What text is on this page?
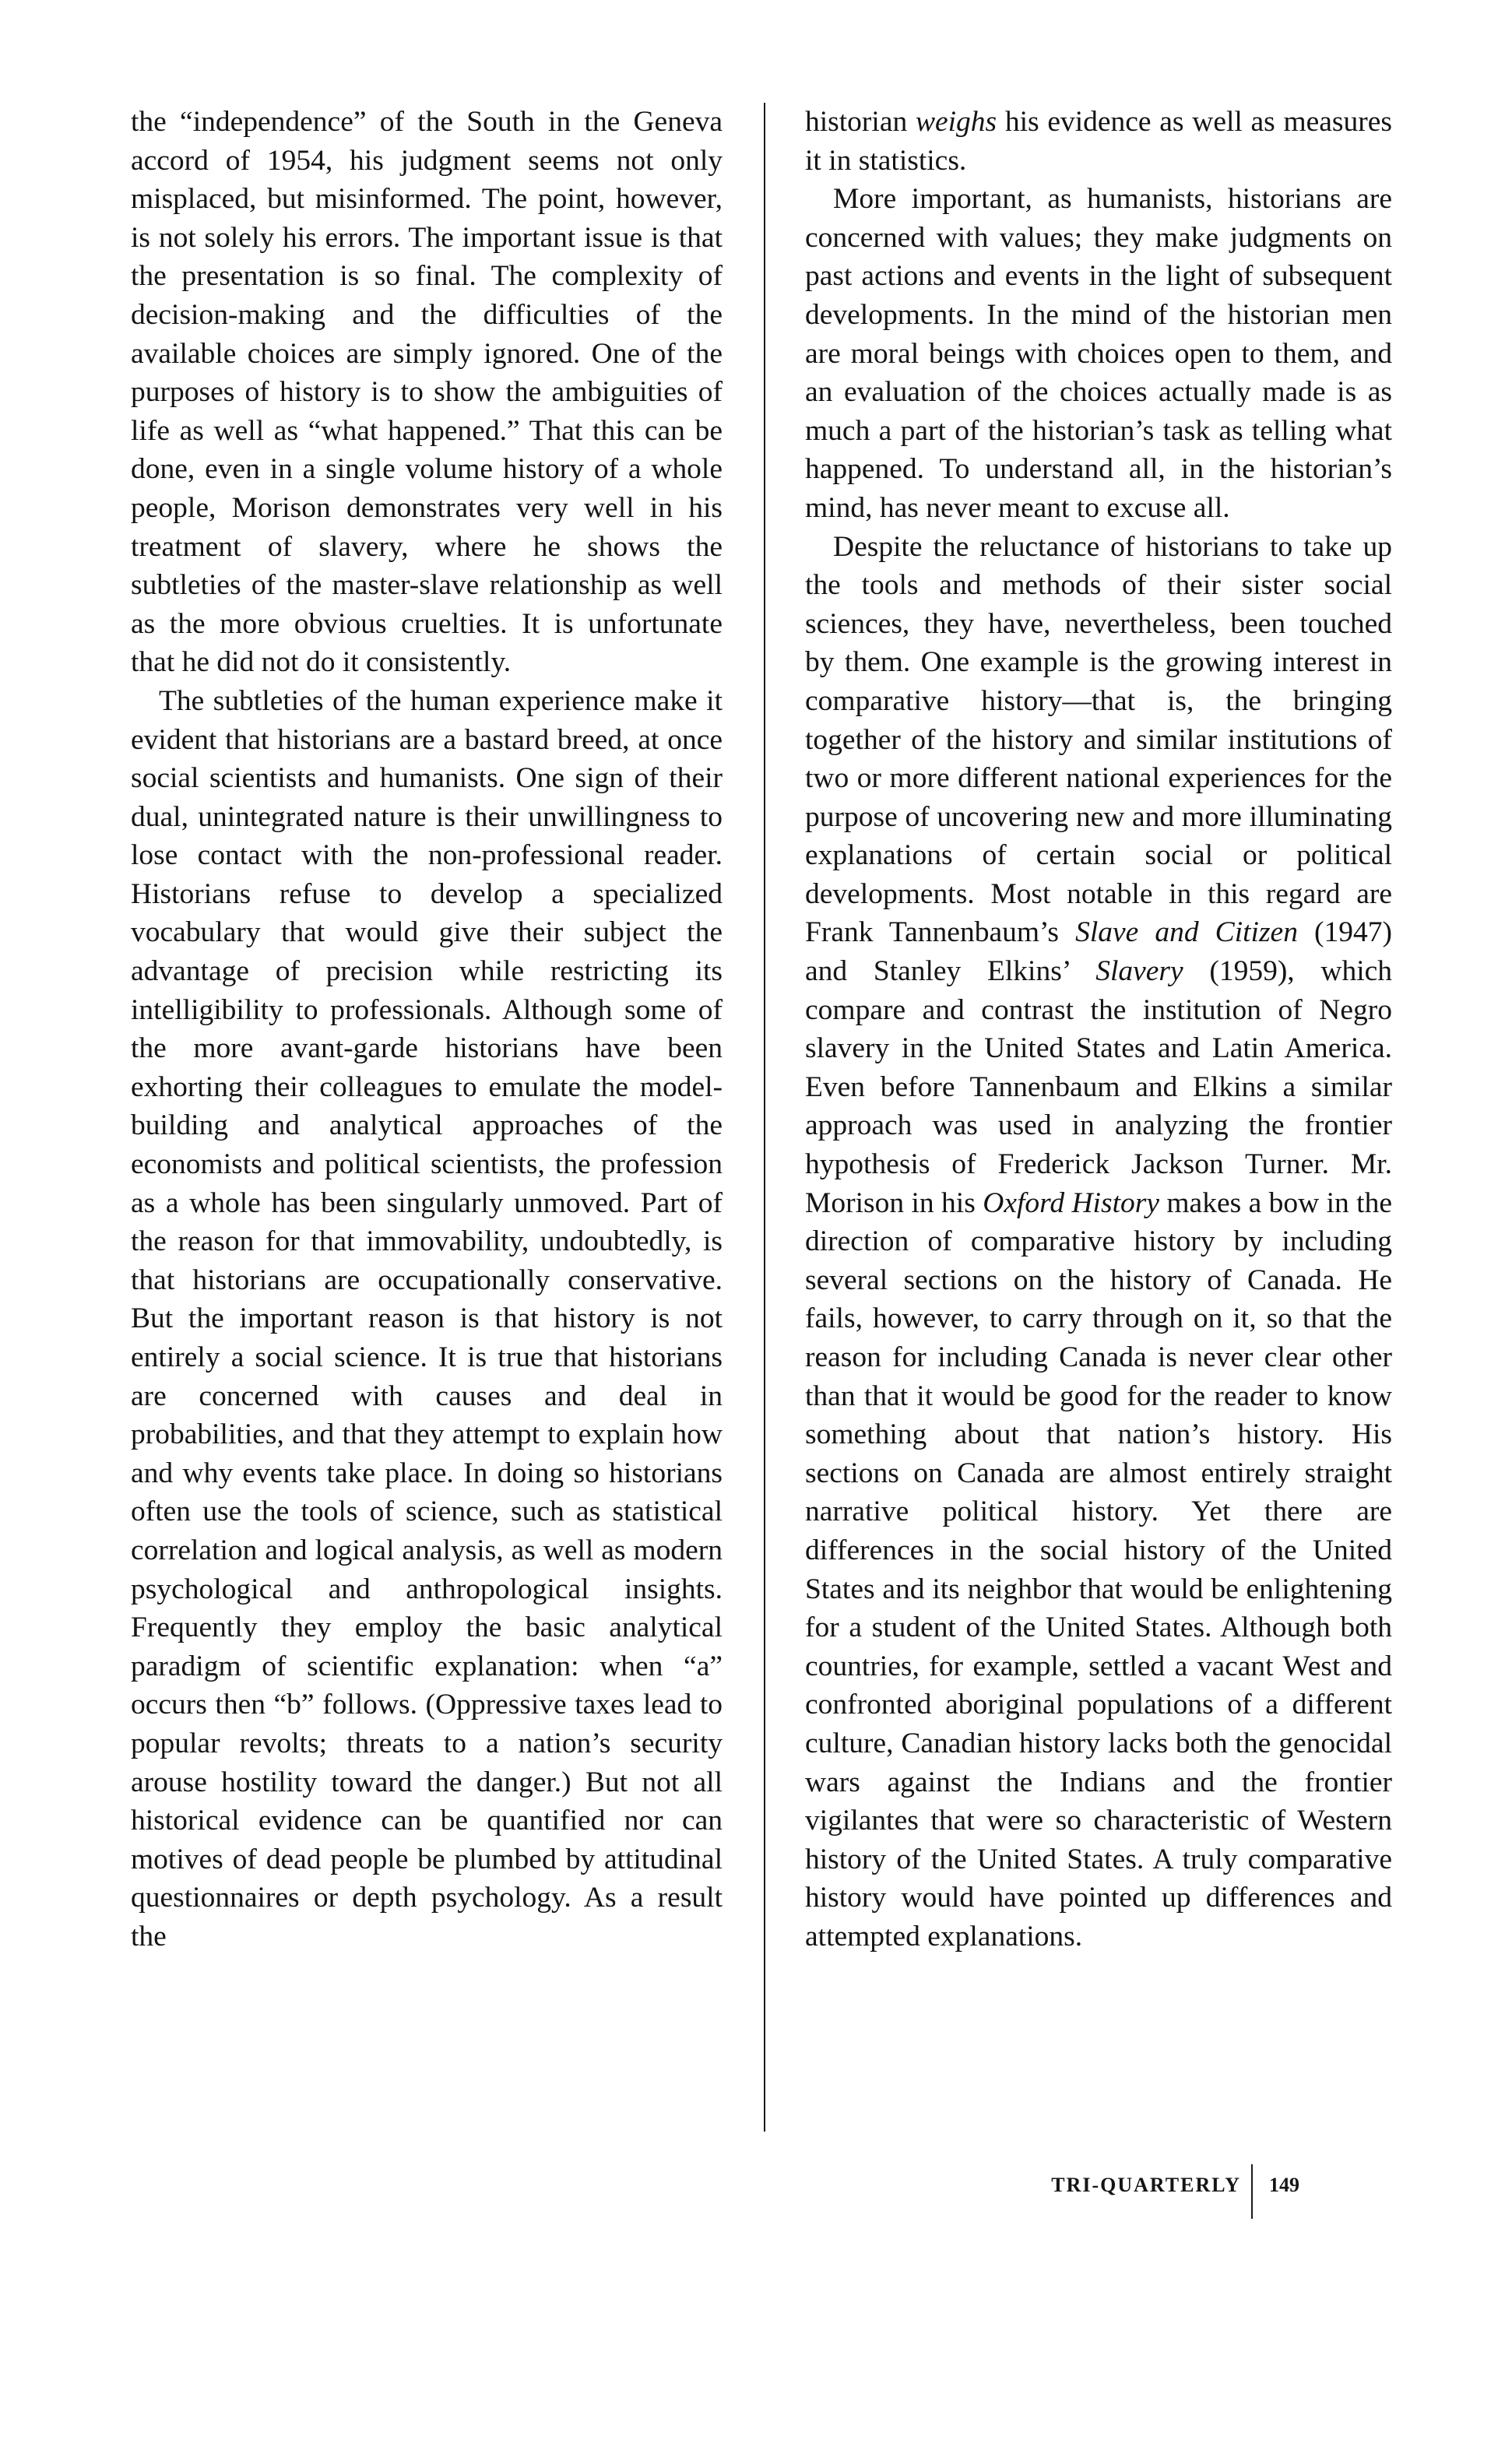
the “independence” of the South in the Geneva accord of 1954, his judgment seems not only misplaced, but misinformed. The point, however, is not solely his errors. The important issue is that the presentation is so final. The complexity of decision-making and the difficulties of the available choices are simply ignored. One of the purposes of history is to show the ambiguities of life as well as “what happened.” That this can be done, even in a single volume history of a whole people, Morison demonstrates very well in his treatment of slavery, where he shows the subtleties of the master-slave relationship as well as the more obvious cruelties. It is unfortunate that he did not do it consistently.

The subtleties of the human experience make it evident that historians are a bastard breed, at once social scientists and humanists. One sign of their dual, unintegrated nature is their unwillingness to lose contact with the non-professional reader. Historians refuse to develop a specialized vocabulary that would give their subject the advantage of precision while restricting its intelligibility to professionals. Although some of the more avant-garde historians have been exhorting their colleagues to emulate the model-building and analytical approaches of the economists and political scientists, the profession as a whole has been singularly unmoved. Part of the reason for that immovability, undoubtedly, is that historians are occupationally conservative. But the important reason is that history is not entirely a social science. It is true that historians are concerned with causes and deal in probabilities, and that they attempt to explain how and why events take place. In doing so historians often use the tools of science, such as statistical correlation and logical analysis, as well as modern psychological and anthropological insights. Frequently they employ the basic analytical paradigm of scientific explanation: when “a” occurs then “b” follows. (Oppressive taxes lead to popular revolts; threats to a nation’s security arouse hostility toward the danger.) But not all historical evidence can be quantified nor can motives of dead people be plumbed by attitudinal questionnaires or depth psychology. As a result the

historian weighs his evidence as well as measures it in statistics.

More important, as humanists, historians are concerned with values; they make judgments on past actions and events in the light of subsequent developments. In the mind of the historian men are moral beings with choices open to them, and an evaluation of the choices actually made is as much a part of the historian’s task as telling what happened. To understand all, in the historian’s mind, has never meant to excuse all.

Despite the reluctance of historians to take up the tools and methods of their sister social sciences, they have, nevertheless, been touched by them. One example is the growing interest in comparative history—that is, the bringing together of the history and similar institutions of two or more different national experiences for the purpose of uncovering new and more illuminating explanations of certain social or political developments. Most notable in this regard are Frank Tannenbaum’s Slave and Citizen (1947) and Stanley Elkins’ Slavery (1959), which compare and contrast the institution of Negro slavery in the United States and Latin America. Even before Tannenbaum and Elkins a similar approach was used in analyzing the frontier hypothesis of Frederick Jackson Turner. Mr. Morison in his Oxford History makes a bow in the direction of comparative history by including several sections on the history of Canada. He fails, however, to carry through on it, so that the reason for including Canada is never clear other than that it would be good for the reader to know something about that nation’s history. His sections on Canada are almost entirely straight narrative political history. Yet there are differences in the social history of the United States and its neighbor that would be enlightening for a student of the United States. Although both countries, for example, settled a vacant West and confronted aboriginal populations of a different culture, Canadian history lacks both the genocidal wars against the Indians and the frontier vigilantes that were so characteristic of Western history of the United States. A truly comparative history would have pointed up differences and attempted explanations.

TRI-QUARTERLY 149
